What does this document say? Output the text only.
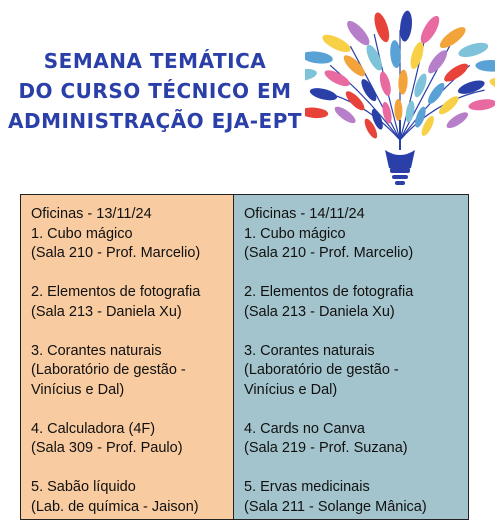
SEMANA TEMÁTICA
DO CURSO TÉCNICO EM
ADMINISTRAÇÃO EJA-EPT
Oficinas - 13/11/24
1. Cubo mágico
(Sala 210 - Prof. Marcelio)
2. Elementos de fotografia
(Sala 213 - Daniela Xu)
3. Corantes naturais
(Laboratório de gestão -
Vinícius e Dal)
4. Calculadora (4F)
(Sala 309 - Prof. Paulo)
5. Sabão líquido
(Lab. de química - Jaison)
Oficinas - 14/11/24
1. Cubo mágico
(Sala 210 - Prof. Marcelio)
2. Elementos de fotografia
(Sala 213 - Daniela Xu)
3. Corantes naturais
(Laboratório de gestão -
Vinícius e Dal)
4. Cards no Canva
(Sala 219 - Prof. Suzana)
5. Ervas medicinais
(Sala 211 - Solange Mânica)
